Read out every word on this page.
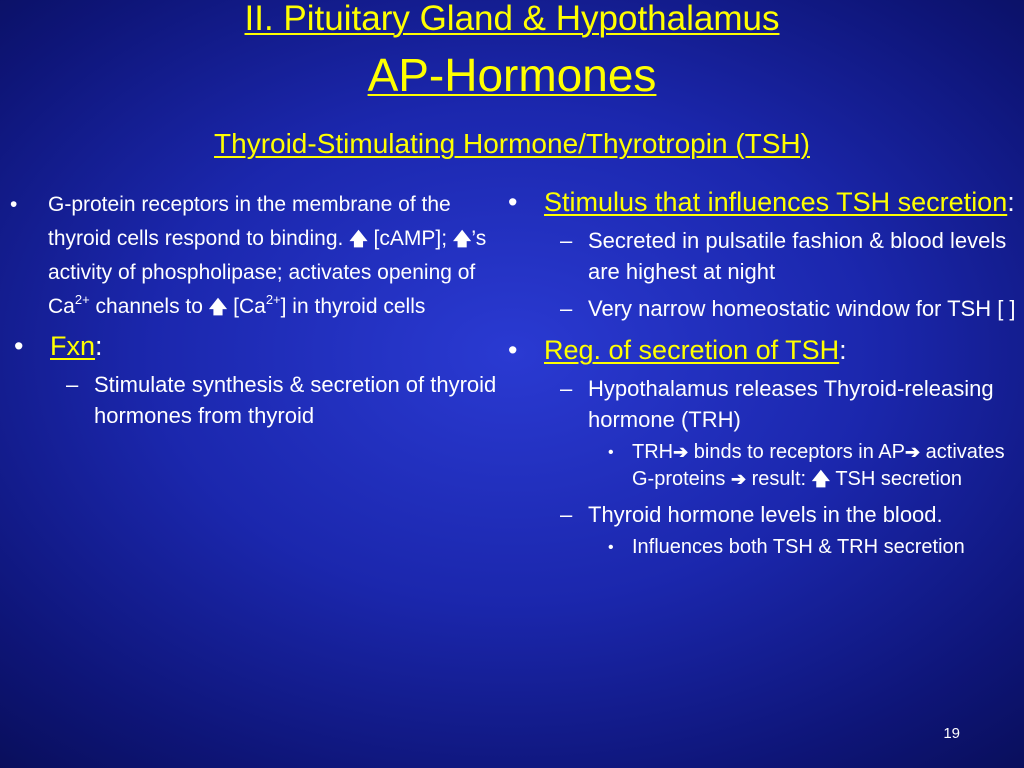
II. Pituitary Gland & Hypothalamus
AP-Hormones
Thyroid-Stimulating Hormone/Thyrotropin (TSH)
• G-protein receptors in the membrane of the thyroid cells respond to binding. 🡅 [cAMP]; 🡅’s activity of phospholipase; activates opening of $Ca^{2+}$ channels to 🡅 $[Ca^{2+}]$ in thyroid cells
• Fxn:
– Stimulate synthesis & secretion of thyroid hormones from thyroid
• Stimulus that influences TSH secretion:
– Secreted in pulsatile fashion & blood levels are highest at night
– Very narrow homeostatic window for TSH [ ]
• Reg. of secretion of TSH:
– Hypothalamus releases Thyroid-releasing hormone (TRH)
• TRH➔ binds to receptors in AP➔ activates G-proteins ➔ result: 🡅 TSH secretion
– Thyroid hormone levels in the blood.
• Influences both TSH & TRH secretion
19
